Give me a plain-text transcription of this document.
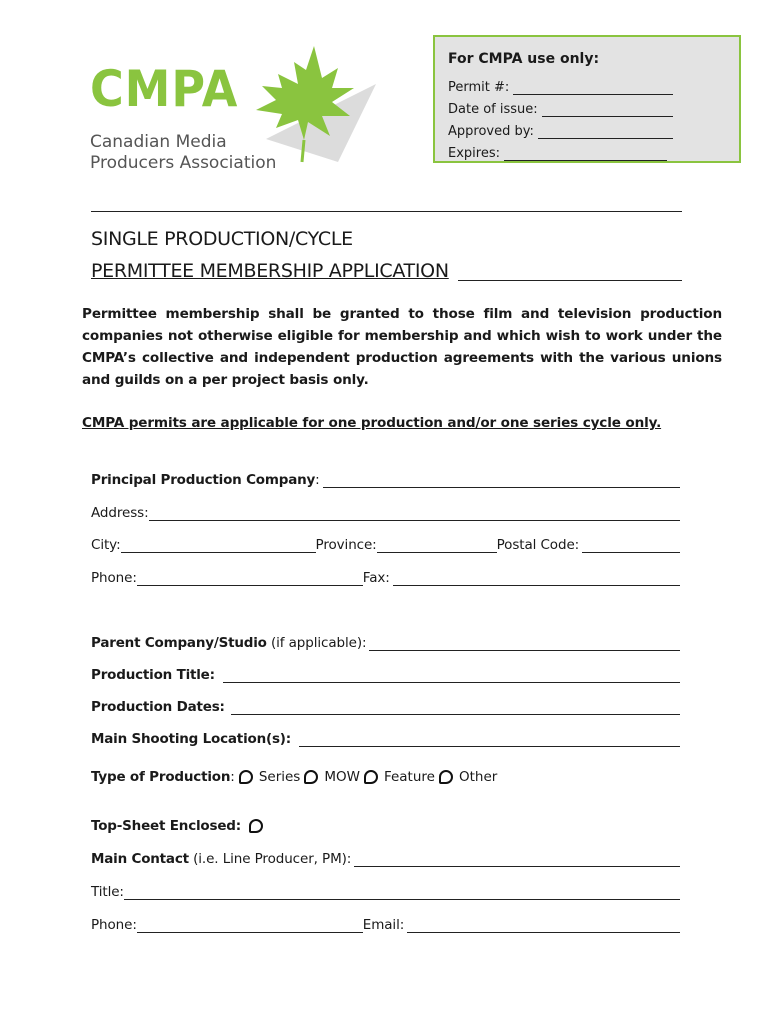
CMPA
Canadian Media
Producers Association
For CMPA use only:
Permit #:
Date of issue:
Approved by:
Expires:
SINGLE PRODUCTION/CYCLE
PERMITTEE MEMBERSHIP APPLICATION
Permittee membership shall be granted to those film and television production companies not otherwise eligible for membership and which wish to work under the CMPA’s collective and independent production agreements with the various unions and guilds on a per project basis only.
CMPA permits are applicable for one production and/or one series cycle only.
Principal Production Company :
Address:
City:	Province:	Postal Code:
Phone:	Fax:
Parent Company/Studio (if applicable):
Production Title:
Production Dates:
Main Shooting Location(s):
Type of Production : Series MOW Feature Other
Top-Sheet Enclosed:
Main Contact (i.e. Line Producer, PM):
Title:
Phone:	Email:
